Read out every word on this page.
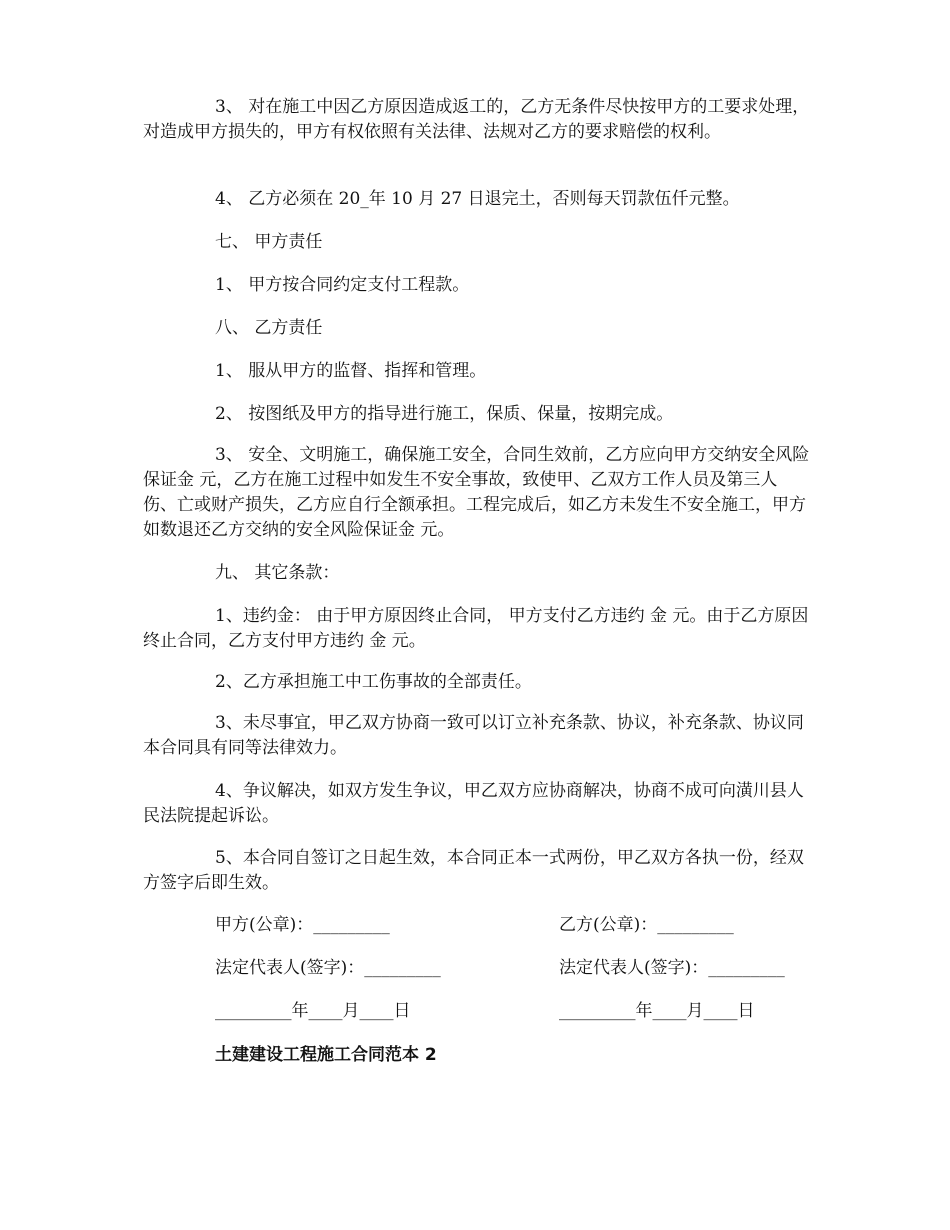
3、 对在施工中因乙方原因造成返工的，乙方无条件尽快按甲方的工要求处理，对造成甲方损失的，甲方有权依照有关法律、法规对乙方的要求赔偿的权利。

4、 乙方必须在 20_年 10 月 27 日退完土，否则每天罚款伍仟元整。

七、 甲方责任

1、 甲方按合同约定支付工程款。

八、 乙方责任

1、 服从甲方的监督、指挥和管理。

2、 按图纸及甲方的指导进行施工，保质、保量，按期完成。

3、 安全、文明施工，确保施工安全，合同生效前，乙方应向甲方交纳安全风险保证金 元，乙方在施工过程中如发生不安全事故，致使甲、乙双方工作人员及第三人伤、亡或财产损失，乙方应自行全额承担。工程完成后，如乙方未发生不安全施工，甲方如数退还乙方交纳的安全风险保证金 元。

九、 其它条款：

1、违约金： 由于甲方原因终止合同， 甲方支付乙方违约 金 元。由于乙方原因终止合同，乙方支付甲方违约 金 元。

2、乙方承担施工中工伤事故的全部责任。

3、未尽事宜，甲乙双方协商一致可以订立补充条款、协议，补充条款、协议同本合同具有同等法律效力。

4、争议解决，如双方发生争议，甲乙双方应协商解决，协商不成可向潢川县人民法院提起诉讼。

5、本合同自签订之日起生效，本合同正本一式两份，甲乙双方各执一份，经双方签字后即生效。

甲方(公章)：_________	乙方(公章)：_________
法定代表人(签字)：_________	法定代表人(签字)：_________
_________年____月____日	_________年____月____日
土建建设工程施工合同范本 2
